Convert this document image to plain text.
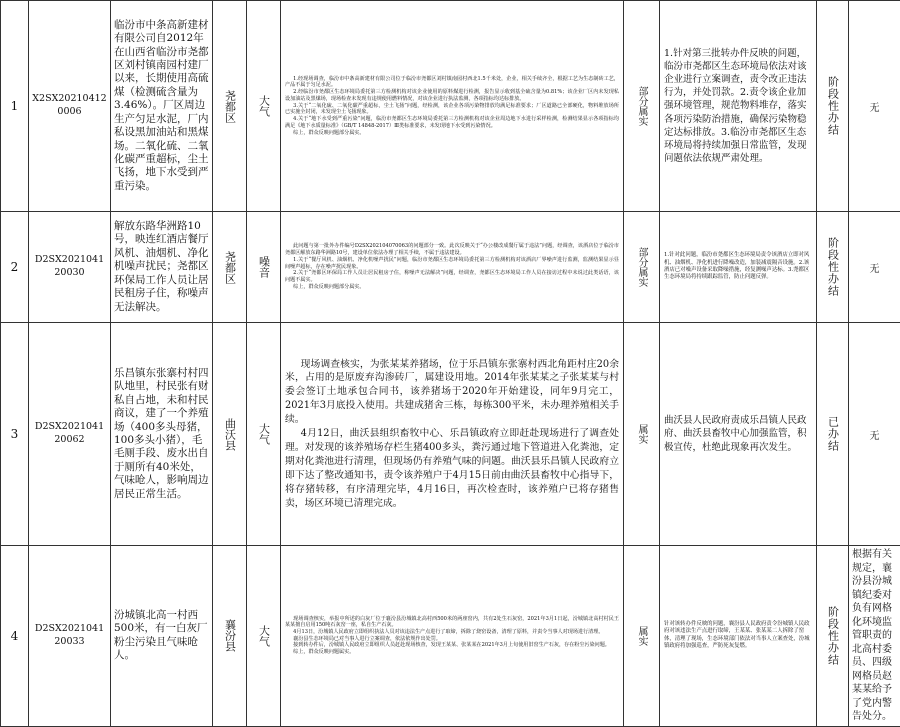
1	X2SX202104120006	临汾市中条高新建材有限公司自2012年在山西省临汾市尧都区刘村镇南园村建厂以来，长期使用高硫煤（检测硫含量为3.46%）。厂区周边生产匀足水泥，厂内私设黑加油站和黑煤场。二氧化硫、二氧化碳严重超标，尘土飞扬，地下水受到严重污染。	尧都区	大气	1.经现场调查，临汾市中条高新建材有限公司位于临汾市尧都区刘村镇南园村西北1.5千米处，企业，相关手续齐全，根据工艺为生态制砖工艺，产品不属于匀足水泥。
2.经临汾市尧都区生态环境局委托第三方检测机构对该企业使用的原料煤进行检测，报告显示收到基全硫含量为0.81%；该企业厂区内未发现私设加油站及黑煤场，现场检查未发现有违规使用燃料情况，对该企业进行执法监测，各项指标均达标排放。
3.关于“二氧化硫、二氧化碳严重超标，尘土飞扬”问题，经检测，该企业各项污染物排放均满足标准要求；厂区道路已全部硬化，物料堆放场所已实施全封闭，未发现尘土飞扬现象。
4.关于“地下水受到严重污染”问题，临汾市尧都区生态环境局委托第三方检测机构对该企业周边地下水进行采样检测，检测结果显示各项指标均满足《地下水质量标准》（GB/T 14848-2017）Ⅲ类标准要求，未发现地下水受到污染情况。
综上，群众反映问题部分属实。	部分属实	1.针对第三批转办件反映的问题，临汾市尧都区生态环境局依法对该企业进行立案调查，责令改正违法行为，并处罚款。2.责令该企业加强环境管理，规范物料堆存，落实各项污染防治措施，确保污染物稳定达标排放。3.临汾市尧都区生态环境局将持续加强日常监管，发现问题依法依规严肃处理。	阶段性办结	无
2	D2SX202104120030	解放东路华洲路10号，映连红酒店餐厅风机、油烟机、净化机噪声扰民；尧都区环保局工作人员让居民租房子住，称噪声无法解决。	尧都区	噪音	此问题与第一批外办件编号D2SX202104070063的问题部分一致。此次反映关于“办公楼改成餐厅属于违法”问题，经调查，该酒店位于临汾市尧都区解放东路华洲路10号，建设单位依法办理了相关手续，不属于违法建设。
1.关于“餐厅风机、油烟机、净化机噪声扰民”问题，临汾市尧都区生态环境局委托第三方检测机构对该酒店厂界噪声进行监测，监测结果显示昼间噪声超标，存在噪声扰民现象。
2.关于“尧都区环保局工作人员让居民租房子住，称噪声无法解决”问题，经调查，尧都区生态环境局工作人员在接访过程中未说过此类话语，该问题不属实。
综上，群众反映问题部分属实。	部分属实	1.针对此问题，临汾市尧都区生态环境局责令该酒店立即对风机、油烟机、净化机进行降噪改造，加装减震隔音设施。2.该酒店已对噪声设备采取降噪措施，经复测噪声达标。3.尧都区生态环境局将持续跟踪监管，防止问题反弹。	阶段性办结	无
3	D2SX202104120062	乐昌镇东张寨村村四队地里，村民张有财私自占地，未和村民商议，建了一个养殖场（400多头母猪，100多头小猪），毛毛厕手段、废水出自于厕所有40米处，气味呛人，影响周边居民正常生活。	曲沃县	大气	现场调查核实，为张某某养猪场，位于乐昌镇东张寨村西北角距村庄20余米，占用的是原废弃沟渗砖厂，属建设用地。2014年张某某之子张某某与村委会签订土地承包合同书，该养猪场于2020年开始建设，同年9月完工，2021年3月底投入使用。共建成猪舍三栋，每栋300平米，未办理养殖相关手续。
4月12日，曲沃县组织畜牧中心、乐昌镇政府立即赶赴现场进行了调查处理。对发现的该养殖场存栏生猪400多头，粪污通过地下管道进入化粪池，定期对化粪池进行清理，但现场仍有养殖气味的问题。曲沃县乐昌镇人民政府立即下达了整改通知书，责令该养殖户于4月15日前由曲沃县畜牧中心指导下，将存猪转移，有序清理完毕，4月16日，再次检查时，该养殖户已将存猪售卖，场区环境已清理完成。	属实	曲沃县人民政府责成乐昌镇人民政府、曲沃县畜牧中心加强监管，积极宣传，杜绝此现象再次发生。	已办结	无
4	D2SX202104120033	汾城镇北高一村西500米，有一白灰厂粉尘污染且气味呛人。	襄汾县	大气	现场调查核实，举报中所述的白灰厂位于襄汾县汾城镇北高村西500米的两座窑内，共有2处生石灰窑，2021年3月1日起，汾城镇北高村村民王某某擅自启用150吨石灰窑一座，私自生产石灰。
4月13日，汾城镇人民政府立即组织执法人员对该违法生产点进行了取缔，拆除了烧窑设备，清理了原料，并责令当事人对现场进行清理。
襄汾县生态环境局已对当事人进行立案调查，依法依规作出处罚。
接到转办件后，汾城镇人民政府立即组织人员赶赴现场核查，发现王某某、张某某在2021年3月上旬使用旧窑生产石灰，存在粉尘污染问题。
综上，群众反映问题属实。	属实	针对该转办件反映的问题，襄汾县人民政府责令汾城镇人民政府对该违法生产点进行取缔，王某某、张某某二人拆除了窑体，清理了现场，生态环境部门依法对当事人立案查处，汾城镇政府将加强巡查，严防死灰复燃。	阶段性办结	根据有关规定，襄汾县汾城镇纪委对负有网格化环境监管职责的北高村委员、四级网格员赵某某给予了党内警告处分。
